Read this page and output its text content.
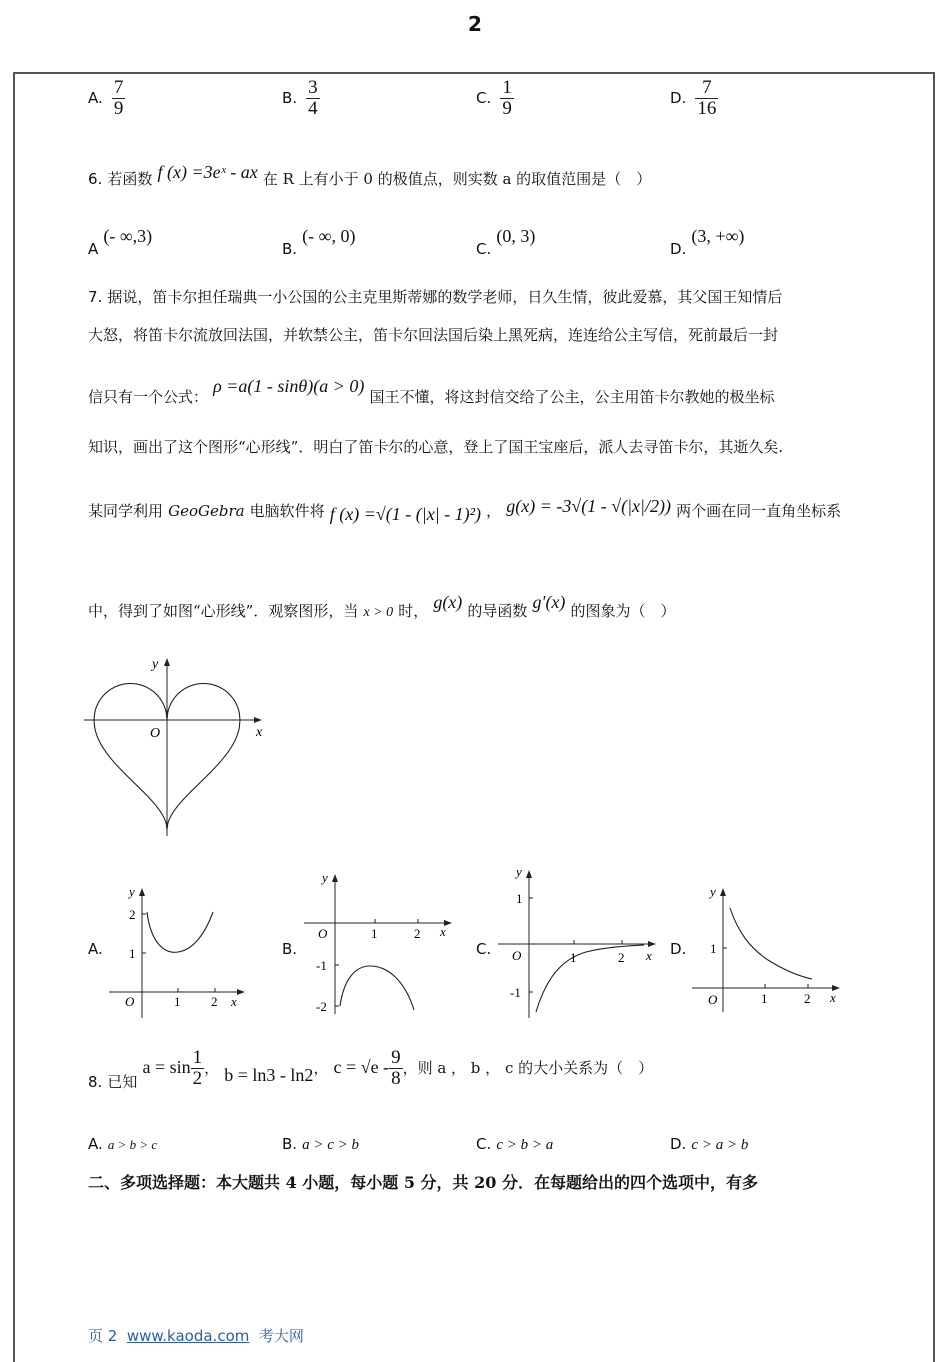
2
A. $\frac{7}{9}$	B. $\frac{3}{4}$	C. $\frac{1}{9}$	D. $\frac{7}{16}$
6. 若函数 f (x) =3eˣ - ax 在 R 上有小于 0 的极值点，则实数 a 的取值范围是（　）
A (- ∞,3)
B. (- ∞, 0)
C. (0, 3)
D. (3, +∞)
7. 据说，笛卡尔担任瑞典一小公国的公主克里斯蒂娜的数学老师，日久生情，彼此爱慕，其父国王知情后
大怒，将笛卡尔流放回法国，并软禁公主，笛卡尔回法国后染上黑死病，连连给公主写信，死前最后一封
信只有一个公式： ρ =a(1 - sinθ)(a > 0) 国王不懂，将这封信交给了公主，公主用笛卡尔教她的极坐标
知识，画出了这个图形“心形线”．明白了笛卡尔的心意，登上了国王宝座后，派人去寻笛卡尔，其逝久矣.
某同学利用 GeoGebra 电脑软件将 f (x) =√(1 - (|x| - 1)²) ， g(x) = -3√(1 - √(|x|/2)) 两个画在同一直角坐标系
中，得到了如图“心形线”．观察图形，当 x > 0 时， g(x) 的导函数 g′(x) 的图象为（　）
x
y
O
A.
1 2
2
1
x
y
O
B.
1	2
-1
-2
x
y
O
C.	1	2
1
-1
x
y
O	D.
1	2
1
x
y
O
8. 已知 $a = \sin \frac{1}{2}$ ， b = ln3 - ln2， $c = √e - \frac{9}{8}$ ，则 a ， b ， c 的大小关系为（　）
A. a > b > c	B. a > c > b	C. c > b > a	D. c > a > b
二、多项选择题：本大题共 4 小题，每小题 5 分，共 20 分．在每题给出的四个选项中，有多
页 2 www.kaoda.com 考大网
